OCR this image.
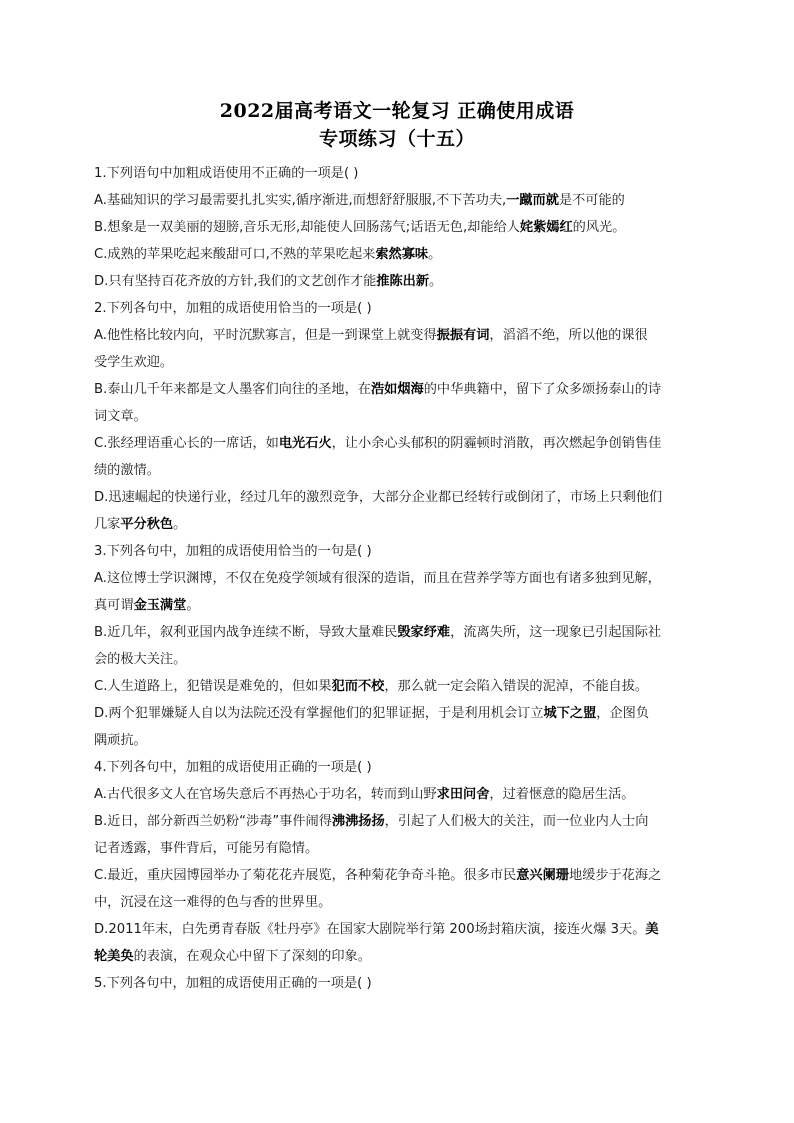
2022届高考语文一轮复习 正确使用成语
专项练习（十五）
1.下列语句中加粗成语使用不正确的一项是( )
A.基础知识的学习最需要扎扎实实,循序渐进,而想舒舒服服,不下苦功夫,一蹴而就是不可能的
B.想象是一双美丽的翅膀,音乐无形,却能使人回肠荡气;话语无色,却能给人姹紫嫣红的风光。
C.成熟的苹果吃起来酸甜可口,不熟的苹果吃起来索然寡味。
D.只有坚持百花齐放的方针,我们的文艺创作才能推陈出新。
2.下列各句中，加粗的成语使用恰当的一项是( )
A.他性格比较内向，平时沉默寡言，但是一到课堂上就变得振振有词，滔滔不绝，所以他的课很
受学生欢迎。
B.泰山几千年来都是文人墨客们向往的圣地，在浩如烟海的中华典籍中，留下了众多颂扬泰山的诗
词文章。
C.张经理语重心长的一席话，如电光石火，让小余心头郁积的阴霾顿时消散，再次燃起争创销售佳
绩的激情。
D.迅速崛起的快递行业，经过几年的激烈竞争，大部分企业都已经转行或倒闭了，市场上只剩他们
几家平分秋色。
3.下列各句中，加粗的成语使用恰当的一句是( )
A.这位博士学识渊博，不仅在免疫学领域有很深的造诣，而且在营养学等方面也有诸多独到见解，
真可谓金玉满堂。
B.近几年，叙利亚国内战争连续不断，导致大量难民毁家纾难，流离失所，这一现象已引起国际社
会的极大关注。
C.人生道路上，犯错误是难免的，但如果犯而不校，那么就一定会陷入错误的泥淖，不能自拔。
D.两个犯罪嫌疑人自以为法院还没有掌握他们的犯罪证据，于是利用机会订立城下之盟，企图负
隅顽抗。
4.下列各句中，加粗的成语使用正确的一项是( )
A.古代很多文人在官场失意后不再热心于功名，转而到山野求田问舍，过着惬意的隐居生活。
B.近日，部分新西兰奶粉“涉毒”事件闹得沸沸扬扬，引起了人们极大的关注，而一位业内人士向
记者透露，事件背后，可能另有隐情。
C.最近，重庆园博园举办了菊花花卉展览，各种菊花争奇斗艳。很多市民意兴阑珊地缓步于花海之
中，沉浸在这一难得的色与香的世界里。
D.2011年末，白先勇青春版《牡丹亭》在国家大剧院举行第 200场封箱庆演，接连火爆 3天。美
轮美奂的表演，在观众心中留下了深刻的印象。
5.下列各句中，加粗的成语使用正确的一项是( )
